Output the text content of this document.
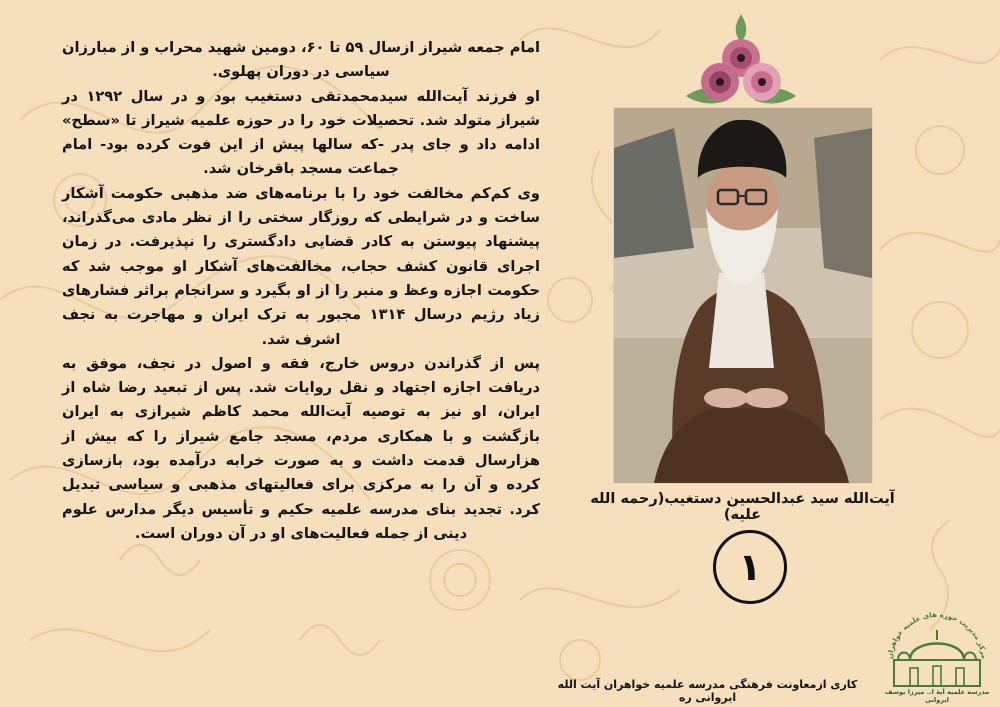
امام جمعه شیراز ازسال ۵۹ تا ۶۰، دومین شهید محراب و از مبارزان سیاسی در دوران پهلوی.

او فرزند آیت‌الله سیدمحمدتقی دستغیب بود و در سال ۱۲۹۲ در شیراز متولد شد. تحصیلات خود را در حوزه علمیه شیراز تا «سطح» ادامه داد و جای پدر -که سالها پیش از این فوت کرده بود- امام جماعت مسجد باقرخان شد.

وی کم‌کم مخالفت خود را با برنامه‌های ضد مذهبی حکومت آشکار ساخت و در شرایطی که روزگار سختی را از نظر مادی می‌گذراند، پیشنهاد پیوستن به کادر قضایی دادگستری را نپذیرفت. در زمان اجرای قانون کشف حجاب، مخالفت‌های آشکار او موجب شد که حکومت اجازه وعظ و منبر را از او بگیرد و سرانجام براثر فشارهای زیاد رژیم درسال ۱۳۱۴ مجبور به ترک ایران و مهاجرت به نجف اشرف شد.

پس از گذراندن دروس خارج، فقه و اصول در نجف، موفق به دریافت اجازه اجتهاد و نقل روایات شد. پس از تبعید رضا شاه از ایران، او نیز به توصیه آیت‌الله محمد کاظم شیرازی به ایران بازگشت و با همکاری مردم، مسجد جامع شیراز را که بیش از هزارسال قدمت داشت و به صورت خرابه درآمده بود، بازسازی کرده و آن را به مرکزی برای فعالیتهای مذهبی و سیاسی تبدیل کرد. تجدید بنای مدرسه علمیه حکیم و تأسیس دیگر مدارس علوم دینی از جمله فعالیت‌های او در آن دوران است.

آیت‌الله سید عبدالحسین دستغیب(رحمه الله علیه)
۱
کاری ازمعاونت فرهنگی مدرسه علمیه خواهران آیت الله ایروانی ره
مرکز مدیریت حوزه های علمیه خواهران
مدرسه علمیه آیة ا.. میرزا یوسف ایروانی
